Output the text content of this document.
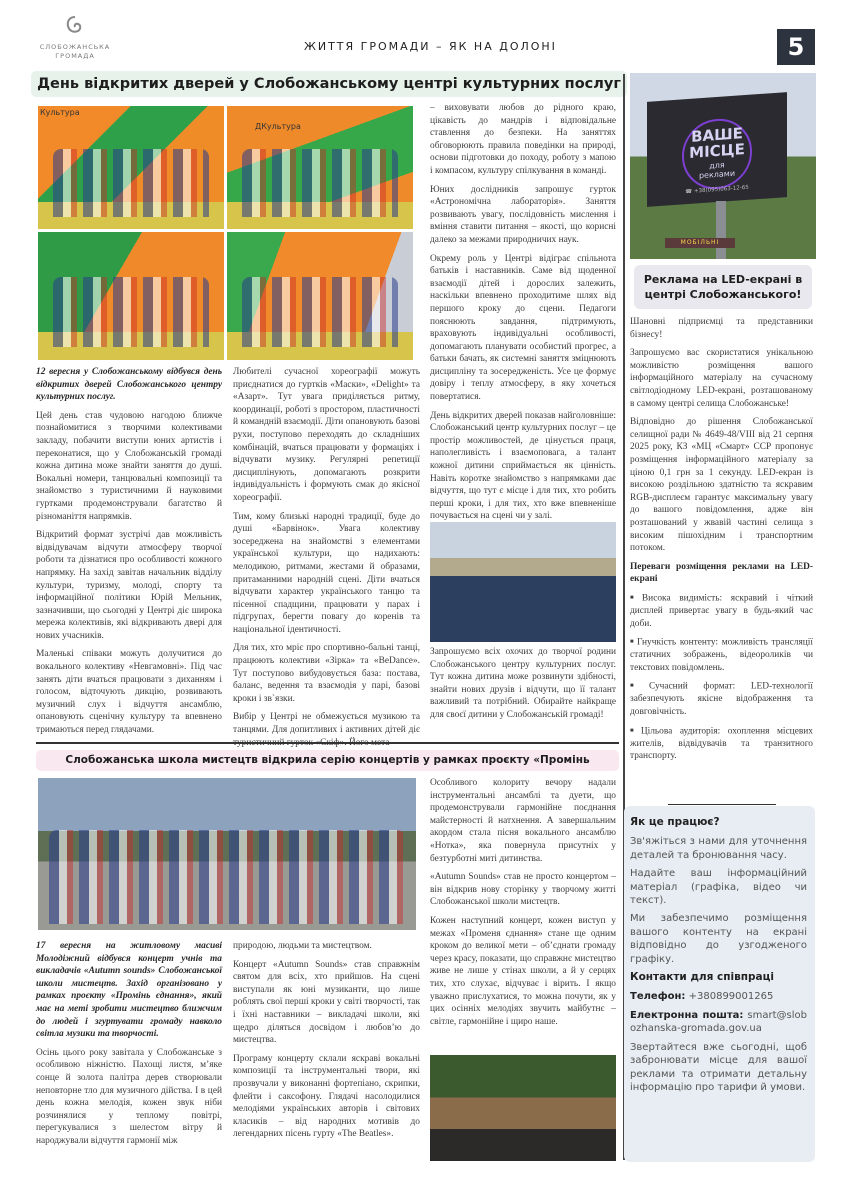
СЛОБОЖАНСЬКА
ГРОМАДА
ЖИТТЯ ГРОМАДИ – ЯК НА ДОЛОНІ	5
День відкритих дверей у Слобожанському центрі культурних послуг
Культура
ДКультура

12 вересня у Слобожанському відбувся день відкритих дверей Слобожанського центру культурних послуг.

Цей день став чудовою нагодою ближче познайомитися з творчими колективами закладу, побачити виступи юних артистів і переконатися, що у Слобожанській громаді кожна дитина може знайти заняття до душі. Вокальні номери, танцювальні композиції та знайомство з туристичними й науковими гуртками продемонстрували багатство й різноманіття напрямків.

Відкритий формат зустрічі дав можливість відвідувачам відчути атмосферу творчої роботи та дізнатися про особливості кожного напрямку. На захід завітав начальник відділу культури, туризму, молоді, спорту та інформаційної політики Юрій Мельник, зазначивши, що сьогодні у Центрі діє широка мережа колективів, які відкривають двері для нових учасників.

Маленькі співаки можуть долучитися до вокального колективу «Невгамовні». Під час занять діти вчаться працювати з диханням і голосом, відточують дикцію, розвивають музичний слух і відчуття ансамблю, опановують сценічну культуру та впевнено тримаються перед глядачами.

Любителі сучасної хореографії можуть приєднатися до гуртків «Маски», «Delight» та «Азарт». Тут увага приділяється ритму, координації, роботі з простором, пластичності й командній взаємодії. Діти опановують базові рухи, поступово переходять до складніших комбінацій, вчаться працювати у формаціях і відчувати музику. Регулярні репетиції дисциплінують, допомагають розкрити індивідуальність і формують смак до якісної хореографії.

Тим, кому близькі народні традиції, буде до душі «Барвінок». Увага колективу зосереджена на знайомстві з елементами української культури, що надихають: мелодикою, ритмами, жестами й образами, притаманними народній сцені. Діти вчаться відчувати характер українського танцю та пісенної спадщини, працювати у парах і підгрупах, берегти повагу до коренів та національної ідентичності.

Для тих, хто мріє про спортивно-бальні танці, працюють колективи «Зірка» та «BeDance». Тут поступово вибудовується база: постава, баланс, ведення та взаємодія у парі, базові кроки і зв`язки.

Вибір у Центрі не обмежується музикою та танцями. Для допитливих і активних дітей діє

– виховувати любов до рідного краю, цікавість до мандрів і відповідальне ставлення до безпеки. На заняттях обговорюють правила поведінки на природі, основи підготовки до походу, роботу з мапою і компасом, культуру спілкування в команді.

Юних дослідників запрошує гурток «Астрономічна лабораторія». Заняття розвивають увагу, послідовність мислення і вміння ставити питання – якості, що корисні далеко за межами природничих наук.

Окрему роль у Центрі відіграє спільнота батьків і наставників. Саме від щоденної взаємодії дітей і дорослих залежить, наскільки впевнено проходитиме шлях від першого кроку до сцени. Педагоги пояснюють завдання, підтримують, враховують індивідуальні особливості, допомагають планувати особистий прогрес, а батьки бачать, як системні заняття зміцнюють дисципліну та зосередженість. Усе це формує довіру і теплу атмосферу, в яку хочеться повертатися.

День відкритих дверей показав найголовніше: Слобожанський центр культурних послуг – це простір можливостей, де цінується праця, наполегливість і взаємоповага, а талант кожної дитини сприймається як цінність. Навіть коротке знайомство з напрямками дає відчуття, що тут є місце і для тих, хто робить перші кроки, і для тих, хто вже впевненіше почувається на сцені чи у залі.

Запрошуємо всіх охочих до творчої родини Слобожанського центру культурних послуг. Тут кожна дитина може розвинути здібності, знайти нових друзів і відчути, що її талант важливий та потрібний. Обирайте найкраще для своєї дитини у Слобожанській громаді!

Слобожанська школа мистецтв відкрила серію концертів у рамках проєкту «Промінь

17 вересня на житловому масиві Молодіжний відбувся концерт учнів та викладачів «Autumn sounds» Слобожанської школи мистецтв. Захід організовано у рамках проєкту «Промінь єднання», який має на меті зробити мистецтво ближчим до людей і згуртувати громаду навколо світла музики та творчості.

Осінь цього року завітала у Слобожанське з особливою ніжністю. Пахощі листя, м’яке сонце й золота палітра дерев створювали неповторне тло для музичного дійства. І в цей день кожна мелодія, кожен звук ніби розчинялися у теплому повітрі, перегукувалися з шелестом вітру й народжували відчуття гармонії між

природою, людьми та мистецтвом.

Концерт «Autumn Sounds» став справжнім святом для всіх, хто прийшов. На сцені виступали як юні музиканти, що лише роблять свої перші кроки у світі творчості, так і їхні наставники – викладачі школи, які щедро діляться досвідом і любов’ю до мистецтва.

Програму концерту склали яскраві вокальні композиції та інструментальні твори, які прозвучали у виконанні фортепіано, скрипки, флейти і саксофону. Глядачі насолодилися мелодіями українських авторів і світових класиків – від народних мотивів до легендарних пісень гурту «The Beatles».

Особливого колориту вечору надали інструментальні ансамблі та дуети, що продемонстрували гармонійне поєднання майстерності й натхнення. А завершальним акордом стала пісня вокального ансамблю «Нотка», яка повернула присутніх у безтурботні миті дитинства.

«Autumn Sounds» став не просто концертом – він відкрив нову сторінку у творчому житті Слобожанської школи мистецтв.

Кожен наступний концерт, кожен виступ у межах «Променя єднання» стане ще одним кроком до великої мети – об’єднати громаду через красу, показати, що справжнє мистецтво живе не лише у стінах школи, а й у серцях тих, хто слухає, відчуває і вірить. І якщо уважно прислухатися, то можна почути, як у цих осінніх мелодіях звучить майбутнє – світле, гармонійне і щиро наше.

ВАШЕ
МІСЦЕ
для
реклами
☎ +38(095)063-12-65
МОБІЛЬНІ
Реклама на LED-екрані в центрі Слобожанського!

Шановні підприємці та представники бізнесу!

Запрошуємо вас скористатися унікальною можливістю розміщення вашого інформаційного матеріалу на сучасному світлодіодному LED-екрані, розташованому в самому центрі селища Слобожанське!

Відповідно до рішення Слобожанської селищної ради № 4649-48/VIII від 21 серпня 2025 року, КЗ «МЦ «Смарт» ССР пропонує розміщення інформаційного матеріалу за ціною 0,1 грн за 1 секунду. LED-екран із високою роздільною здатністю та яскравим RGB-дисплеєм гарантує максимальну увагу до вашого повідомлення, адже він розташований у жвавій частині селища з високим пішохідним і транспортним потоком.

Переваги розміщення реклами на LED-екрані

■ Висока видимість: яскравий і чіткий дисплей привертає увагу в будь-який час доби.

■ Гнучкість контенту: можливість трансляції статичних зображень, відеороликів чи текстових повідомлень.

■ Сучасний формат: LED-технології забезпечують якісне відображення та довговічність.

■ Цільова аудиторія: охоплення місцевих жителів, відвідувачів та транзитного транспорту.

Як це працює?

Зв'яжіться з нами для уточнення деталей та бронювання часу.

Надайте ваш інформаційний матеріал (графіка, відео чи текст).

Ми забезпечимо розміщення вашого контенту на екрані відповідно до узгодженого графіку.

Контакти для співпраці

Телефон: +380899001265

Електронна пошта: smart@slobozhanska-gromada.gov.ua

Звертайтеся вже сьогодні, щоб забронювати місце для вашої реклами та отримати детальну інформацію про тарифи й умови.
